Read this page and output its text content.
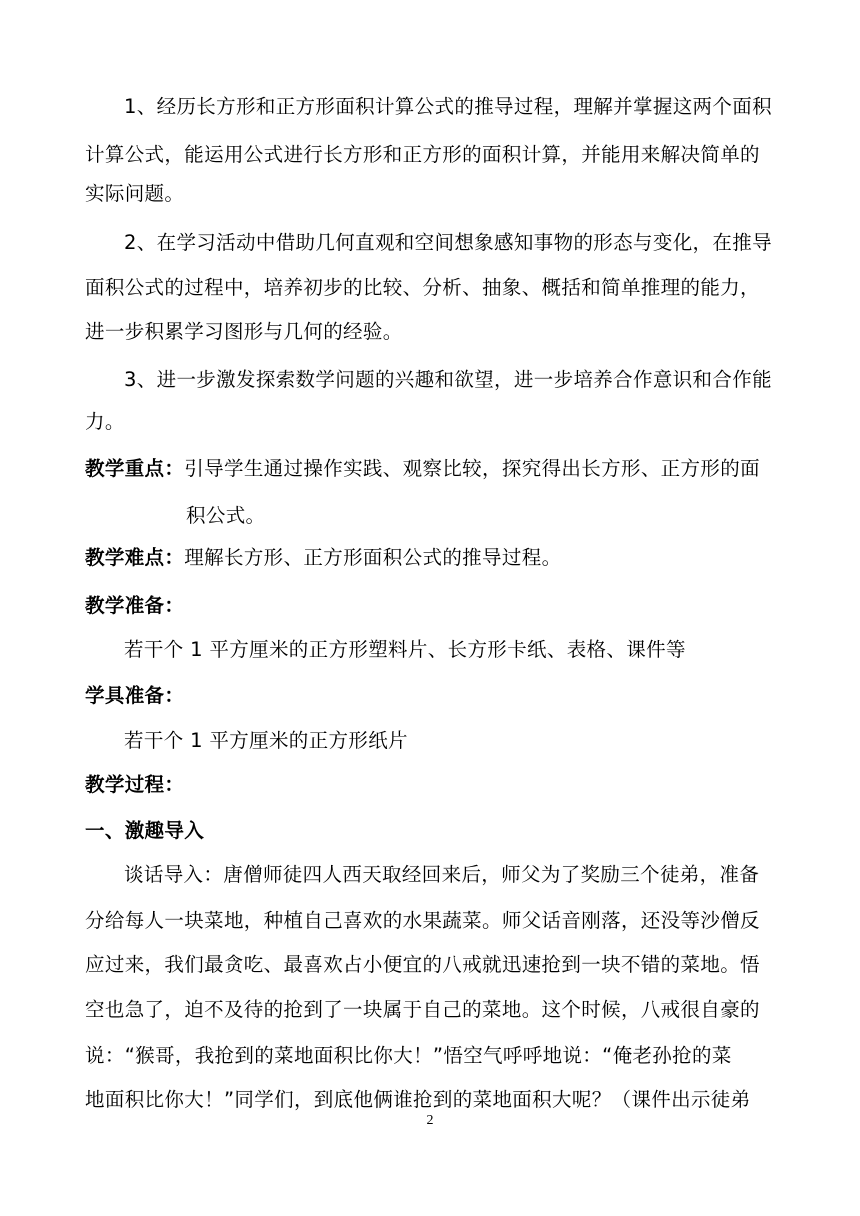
1、经历长方形和正方形面积计算公式的推导过程，理解并掌握这两个面积
计算公式，能运用公式进行长方形和正方形的面积计算，并能用来解决简单的
实际问题。
2、在学习活动中借助几何直观和空间想象感知事物的形态与变化，在推导
面积公式的过程中，培养初步的比较、分析、抽象、概括和简单推理的能力，
进一步积累学习图形与几何的经验。
3、进一步激发探索数学问题的兴趣和欲望，进一步培养合作意识和合作能
力。
教学重点：引导学生通过操作实践、观察比较，探究得出长方形、正方形的面
积公式。
教学难点：理解长方形、正方形面积公式的推导过程。
教学准备：
若干个 1 平方厘米的正方形塑料片、长方形卡纸、表格、课件等
学具准备：
若干个 1 平方厘米的正方形纸片
教学过程：
一、激趣导入
谈话导入：唐僧师徒四人西天取经回来后，师父为了奖励三个徒弟，准备
分给每人一块菜地，种植自己喜欢的水果蔬菜。师父话音刚落，还没等沙僧反
应过来，我们最贪吃、最喜欢占小便宜的八戒就迅速抢到一块不错的菜地。悟
空也急了，迫不及待的抢到了一块属于自己的菜地。这个时候，八戒很自豪的
说：“猴哥，我抢到的菜地面积比你大！”悟空气呼呼地说：“俺老孙抢的菜
地面积比你大！”同学们，到底他俩谁抢到的菜地面积大呢？（课件出示徒弟
2
